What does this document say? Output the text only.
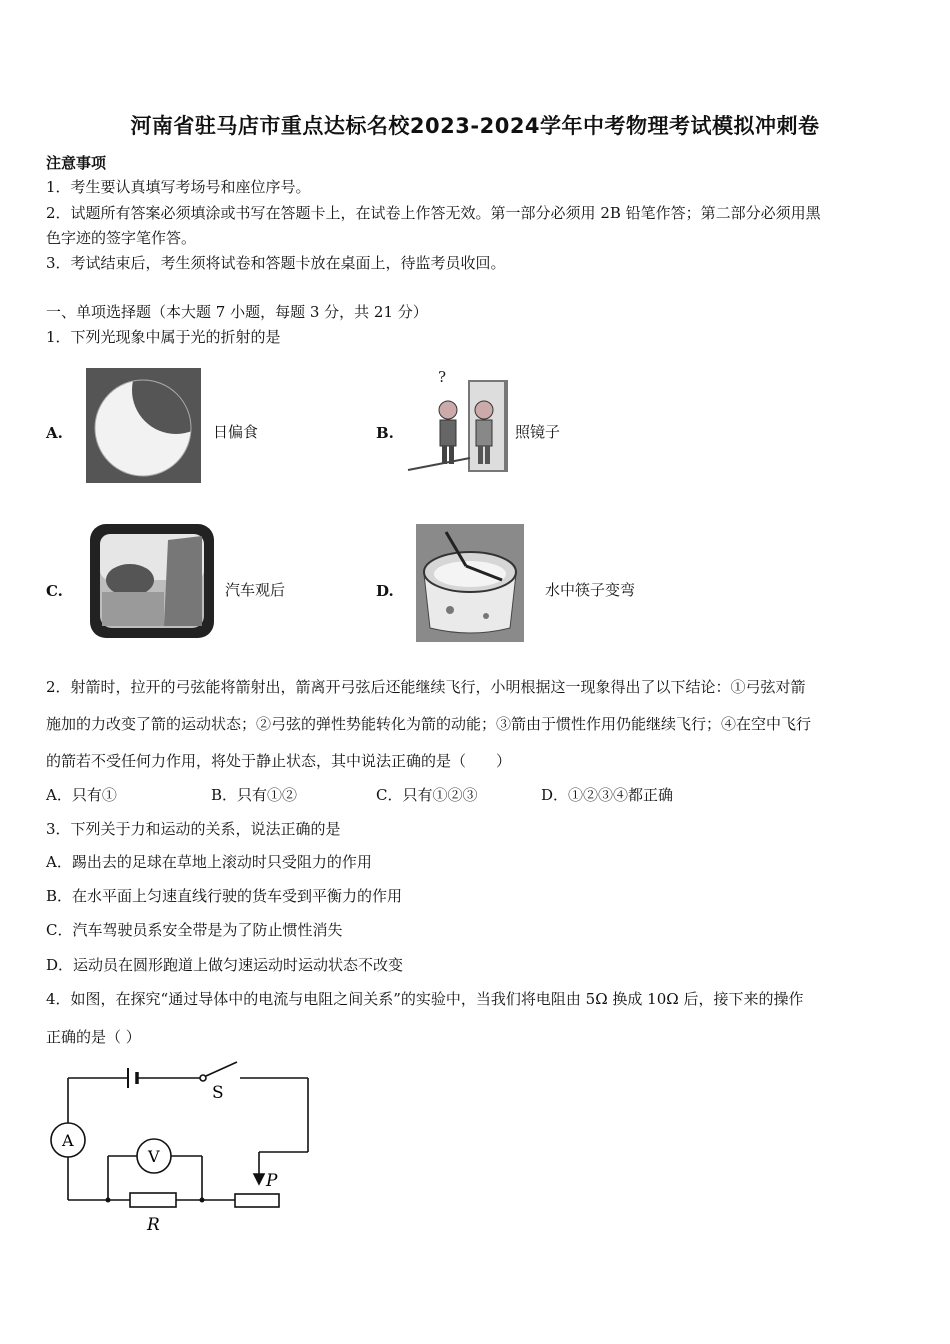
河南省驻马店市重点达标名校2023-2024学年中考物理考试模拟冲刺卷
注意事项
1．考生要认真填写考场号和座位序号。
2．试题所有答案必须填涂或书写在答题卡上，在试卷上作答无效。第一部分必须用 2B 铅笔作答；第二部分必须用黑
色字迹的签字笔作答。
3．考试结束后，考生须将试卷和答题卡放在桌面上，待监考员收回。
一、单项选择题（本大题 7 小题，每题 3 分，共 21 分）
1．下列光现象中属于光的折射的是
A.	日偏食	B.
?
照镜子
C.	汽车观后	D.	水中筷子变弯
2．射箭时，拉开的弓弦能将箭射出，箭离开弓弦后还能继续飞行，小明根据这一现象得出了以下结论：①弓弦对箭
施加的力改变了箭的运动状态；②弓弦的弹性势能转化为箭的动能；③箭由于惯性作用仍能继续飞行；④在空中飞行
的箭若不受任何力作用，将处于静止状态，其中说法正确的是（　　）
A．只有①	B．只有①②	C．只有①②③	D．①②③④都正确
3．下列关于力和运动的关系，说法正确的是
A．踢出去的足球在草地上滚动时只受阻力的作用
B．在水平面上匀速直线行驶的货车受到平衡力的作用
C．汽车驾驶员系安全带是为了防止惯性消失
D．运动员在圆形跑道上做匀速运动时运动状态不改变
4．如图，在探究“通过导体中的电流与电阻之间关系”的实验中，当我们将电阻由 5Ω 换成 10Ω 后，接下来的操作
正确的是（ ）
S
A
V
P
R
